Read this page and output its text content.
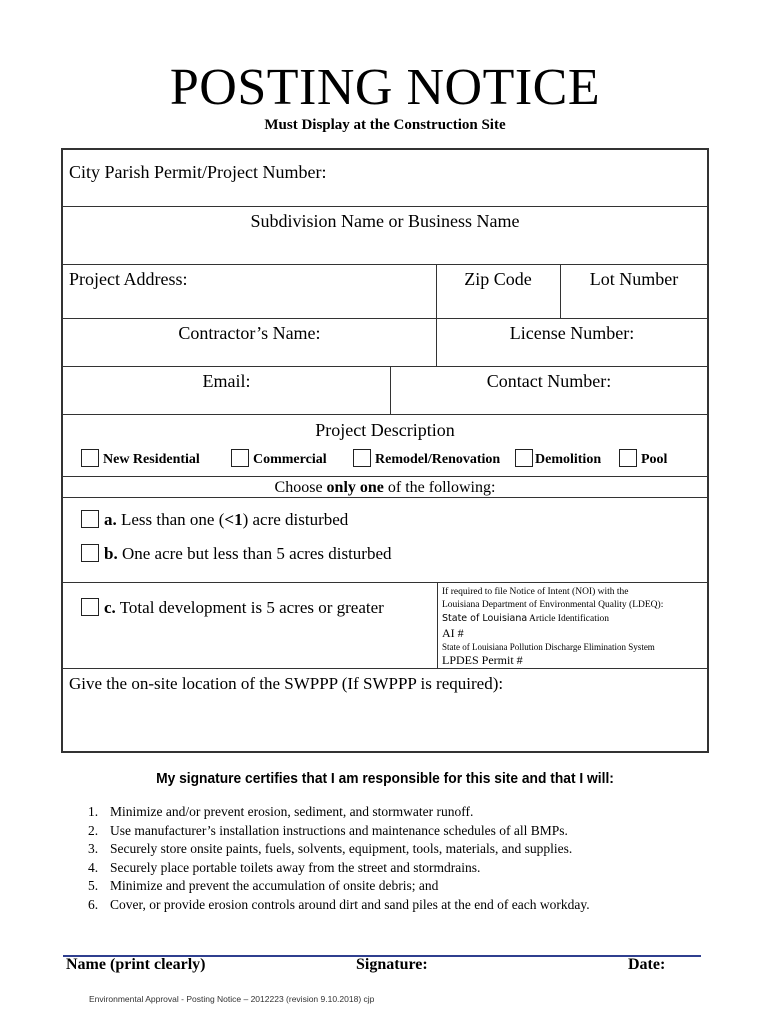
POSTING NOTICE
Must Display at the Construction Site
City Parish Permit/Project Number:
Subdivision Name or Business Name
Project Address:	Zip Code	Lot Number
Contractor’s Name:	License Number:
Email:	Contact Number:
Project Description
New Residential	Commercial	Remodel/Renovation	Demolition	Pool
Choose only one of the following:
a. Less than one (<1) acre disturbed
b. One acre but less than 5 acres disturbed
c. Total development is 5 acres or greater
If required to file Notice of Intent (NOI) with the
Louisiana Department of Environmental Quality (LDEQ):
State of Louisiana Article Identification
AI #
State of Louisiana Pollution Discharge Elimination System
LPDES Permit #
Give the on-site location of the SWPPP (If SWPPP is required):
My signature certifies that I am responsible for this site and that I will:
1. Minimize and/or prevent erosion, sediment, and stormwater runoff.
2. Use manufacturer’s installation instructions and maintenance schedules of all BMPs.
3. Securely store onsite paints, fuels, solvents, equipment, tools, materials, and supplies.
4. Securely place portable toilets away from the street and stormdrains.
5. Minimize and prevent the accumulation of onsite debris; and
6. Cover, or provide erosion controls around dirt and sand piles at the end of each workday.
Name (print clearly)	Signature:	Date:
Environmental Approval - Posting Notice – 2012223 (revision 9.10.2018) cjp
